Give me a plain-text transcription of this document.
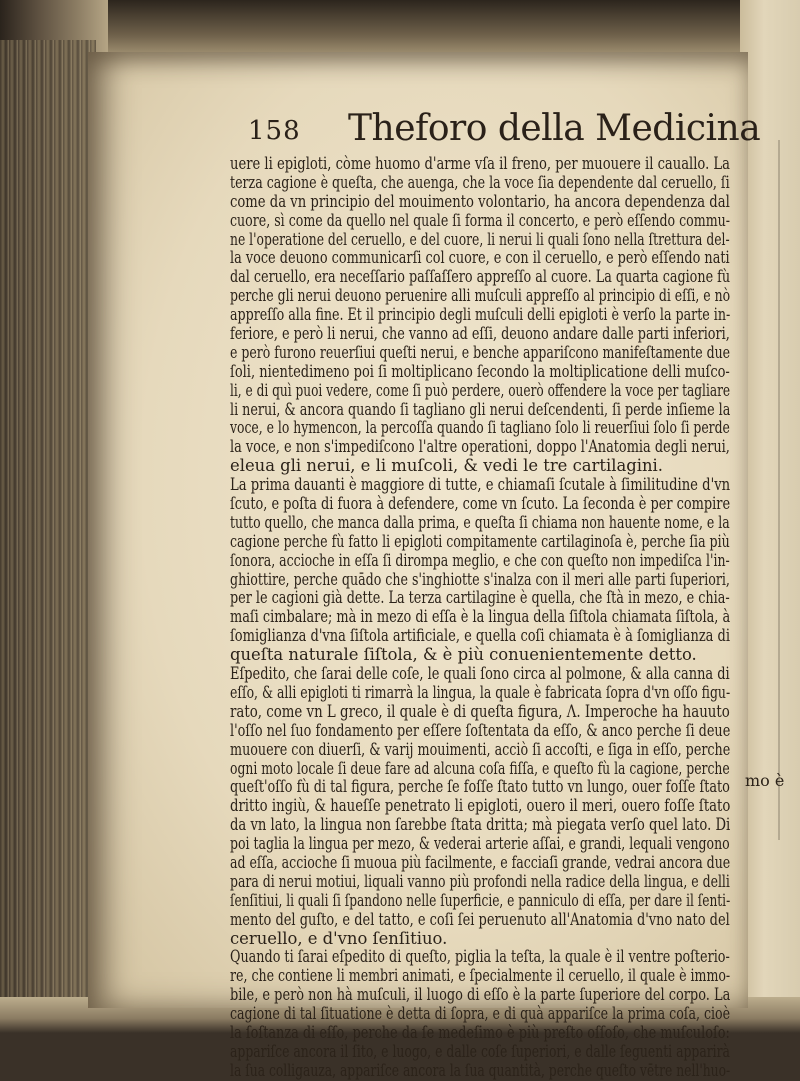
158 Theforo della Medicina
uere li epigloti, còme huomo d'arme vſa il freno, per muouere il cauallo. La
terza cagione è queſta, che auenga, che la voce ſia dependente dal ceruello, ſi
come da vn principio del mouimento volontario, ha ancora dependenza dal
cuore, sì come da quello nel quale ſi forma il concerto, e però eſſendo commu-
ne l'operatione del ceruello, e del cuore, li nerui li quali ſono nella ſtrettura del-
la voce deuono communicarſi col cuore, e con il ceruello, e però eſſendo nati
dal ceruello, era neceſſario paſſaſſero appreſſo al cuore. La quarta cagione fù
perche gli nerui deuono peruenire alli muſculi appreſſo al principio di eſſi, e nò
appreſſo alla fine. Et il principio degli muſculi delli epigloti è verſo la parte in-
feriore, e però li nerui, che vanno ad eſſi, deuono andare dalle parti inferiori,
e però furono reuerſiui queſti nerui, e benche appariſcono manifeſtamente due
ſoli, nientedimeno poi ſi moltiplicano ſecondo la moltiplicatione delli muſco-
li, e di quì puoi vedere, come ſi può perdere, ouerò offendere la voce per tagliare
li nerui, & ancora quando ſi tagliano gli nerui deſcendenti, ſi perde inſieme la
voce, e lo hymencon, la percoſſa quando ſi tagliano ſolo li reuerſiui ſolo ſi perde
la voce, e non s'impediſcono l'altre operationi, doppo l'Anatomia degli nerui,
eleua gli nerui, e li muſcoli, & vedi le tre cartilagini.
La prima dauanti è maggiore di tutte, e chiamaſi ſcutale à ſimilitudine d'vn
ſcuto, e poſta di fuora à defendere, come vn ſcuto. La ſeconda è per compire
tutto quello, che manca dalla prima, e queſta ſi chiama non hauente nome, e la
cagione perche fù fatto li epigloti compitamente cartilaginoſa è, perche ſia più
ſonora, accioche in eſſa ſi dirompa meglio, e che con queſto non impediſca l'in-
ghiottire, perche quādo che s'inghiotte s'inalza con il meri alle parti ſuperiori,
per le cagioni già dette. La terza cartilagine è quella, che ſtà in mezo, e chia-
maſi cimbalare; mà in mezo di eſſa è la lingua della ſiſtola chiamata ſiſtola, à
ſomiglianza d'vna ſiſtola artificiale, e quella coſi chiamata è à ſomiglianza di
queſta naturale ſiſtola, & è più conuenientemente detto.
Eſpedito, che ſarai delle coſe, le quali ſono circa al polmone, & alla canna di
eſſo, & alli epigloti ti rimarrà la lingua, la quale è fabricata ſopra d'vn oſſo figu-
rato, come vn L greco, il quale è di queſta figura, Λ. Imperoche ha hauuto
l'oſſo nel ſuo fondamento per eſſere ſoſtentata da eſſo, & anco perche ſi deue
muouere con diuerſi, & varij mouimenti, acciò ſi accoſti, e ſiga in eſſo, perche
ogni moto locale ſi deue fare ad alcuna coſa fiſſa, e queſto fù la cagione, perche
queſt'oſſo fù di tal figura, perche ſe foſſe ſtato tutto vn lungo, ouer foſſe ſtato
dritto ingiù, & haueſſe penetrato li epigloti, ouero il meri, ouero foſſe ſtato
da vn lato, la lingua non ſarebbe ſtata dritta; mà piegata verſo quel lato. Di
poi taglia la lingua per mezo, & vederai arterie aſſai, e grandi, lequali vengono
ad eſſa, accioche ſi muoua più facilmente, e facciaſi grande, vedrai ancora due
para di nerui motiui, liquali vanno più profondi nella radice della lingua, e delli
ſenſitiui, li quali ſi ſpandono nelle ſuperficie, e panniculo di eſſa, per dare il ſenti-
mento del guſto, e del tatto, e coſi ſei peruenuto all'Anatomia d'vno nato del
ceruello, e d'vno ſenſitiuo.
Quando ti ſarai eſpedito di queſto, piglia la teſta, la quale è il ventre poſterio-
re, che contiene li membri animati, e ſpecialmente il ceruello, il quale è immo-
bile, e però non hà muſculi, il luogo di eſſo è la parte ſuperiore del corpo. La
cagione di tal ſituatione è detta di ſopra, e di quà appariſce la prima coſa, cioè
la ſoſtanza di eſſo, perche da ſe medeſimo è più preſto oſſoſo, che muſculoſo:
appariſce ancora il ſito, e luogo, e dalle coſe ſuperiori, e dalle ſeguenti apparirà
la ſua colligauza, appariſce ancora la ſua quantità, perche queſto vētre nell'huo-
mo è
